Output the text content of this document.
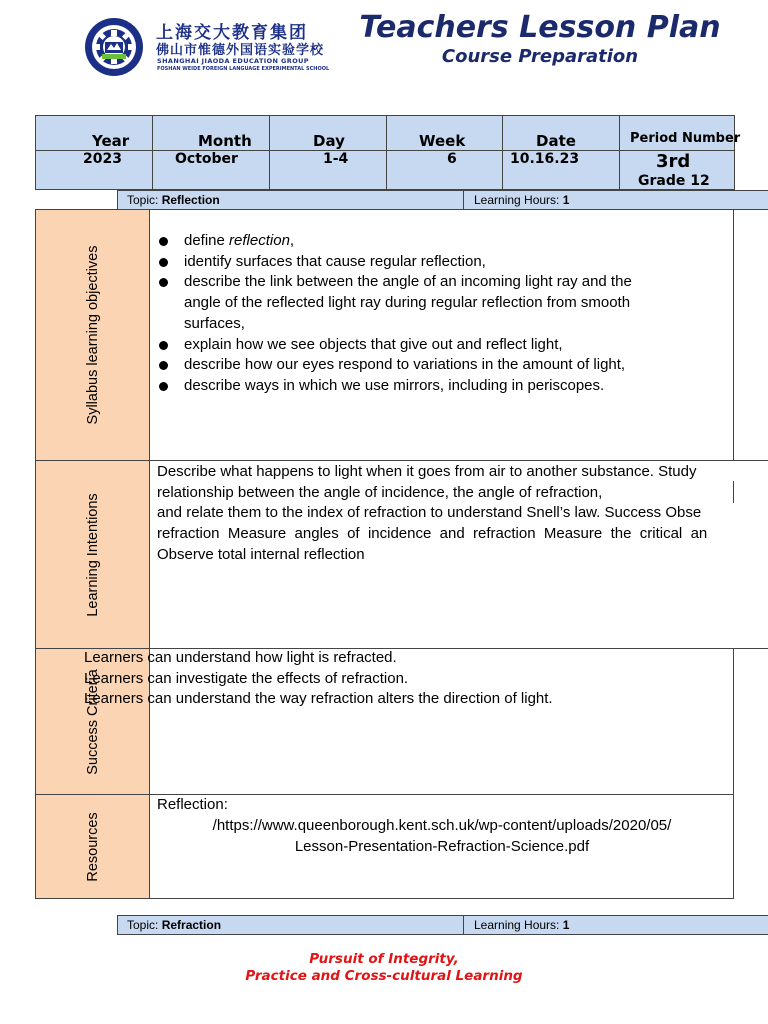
上海交大教育集团
佛山市惟德外国语实验学校
SHANGHAI JIAODA EDUCATION GROUP
FOSHAN WEIDE FOREIGN LANGUAGE EXPERIMENTAL SCHOOL
Teachers Lesson Plan
Course Preparation
Year	Month	Day	Week	Date	Period Number
2023	October	1-4	6	10.16.23	3rd
Grade 12
Topic: Reflection	Learning Hours: 1
Syllabus learning objectives
define reflection,
identify surfaces that cause regular reflection,
describe the link between the angle of an incoming light ray and the
angle of the reflected light ray during regular reflection from smooth
surfaces,
explain how we see objects that give out and reflect light,
describe how our eyes respond to variations in the amount of light,
describe ways in which we use mirrors, including in periscopes.
Learning Intentions
Describe what happens to light when it goes from air to another substance. Study
relationship between the angle of incidence, the angle of refraction,
and relate them to the index of refraction to understand Snell’s law. Success Obse
refraction  Measure  angles  of  incidence  and  refraction  Measure  the  critical  an
Observe total internal reflection
Success Criteria
Learners can understand how light is refracted.
Learners can investigate the effects of refraction.
Learners can understand the way refraction alters the direction of light.
Resources
Reflection:
/https://www.queenborough.kent.sch.uk/wp-content/uploads/2020/05/
Lesson-Presentation-Refraction-Science.pdf
Topic: Refraction	Learning Hours: 1
Pursuit of Integrity,
Practice and Cross-cultural Learning
